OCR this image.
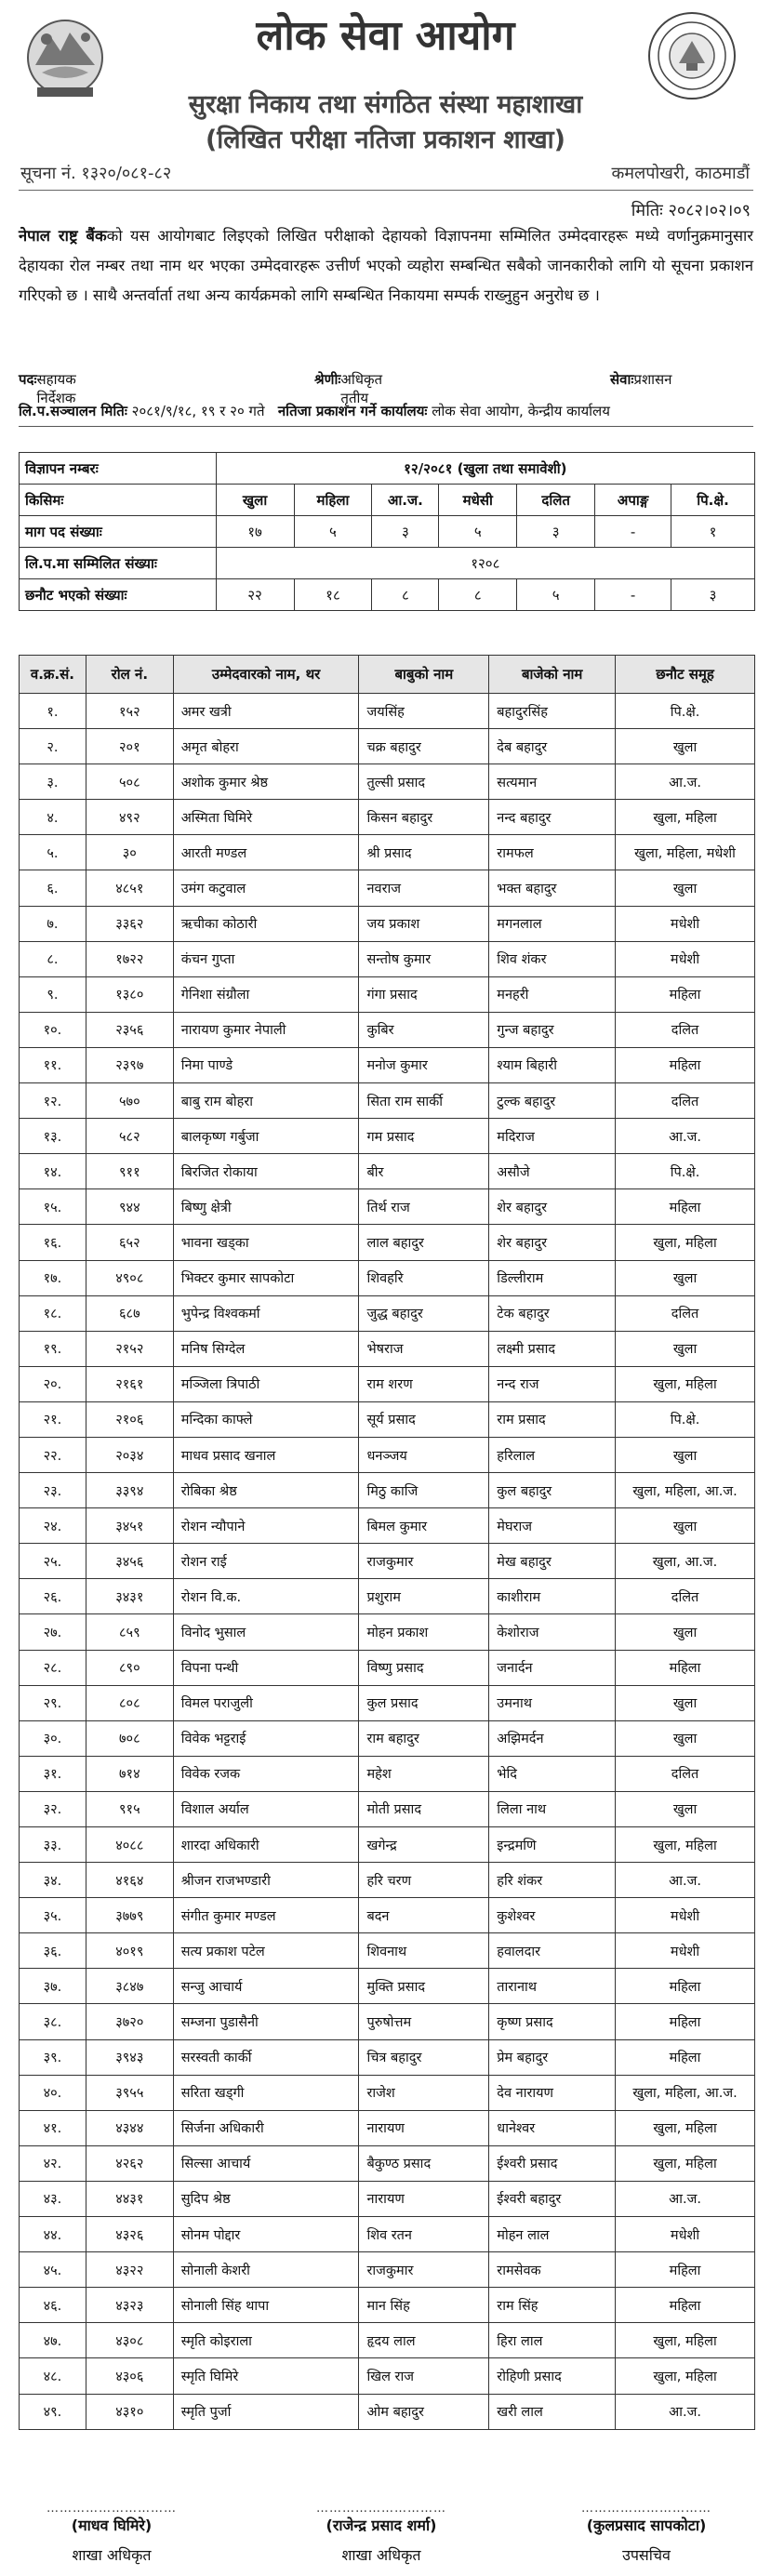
लोक सेवा आयोग
सुरक्षा निकाय तथा संगठित संस्था महाशाखा
(लिखित परीक्षा नतिजा प्रकाशन शाखा)
सूचना नं. १३२०/०८१-८२	कमलपोखरी, काठमाडौं
मितिः २०८२।०२।०९
नेपाल राष्ट्र बैंकको यस आयोगबाट लिइएको लिखित परीक्षाको देहायको विज्ञापनमा सम्मिलित उम्मेदवारहरू मध्ये वर्णानुक्रमानुसार देहायका रोल नम्बर तथा नाम थर भएका उम्मेदवारहरू उत्तीर्ण भएको व्यहोरा सम्बन्धित सबैको जानकारीको लागि यो सूचना प्रकाशन गरिएको छ । साथै अन्तर्वार्ता तथा अन्य कार्यक्रमको लागि सम्बन्धित निकायमा सम्पर्क राख्नुहुन अनुरोध छ ।
पदः सहायक निर्देशक
श्रेणीः अधिकृत तृतीय
सेवाः प्रशासन
लि.प.सञ्चालन मितिः २०८१/९/१८, १९ र २० गते नतिजा प्रकाशन गर्ने कार्यालयः लोक सेवा आयोग, केन्द्रीय कार्यालय
विज्ञापन नम्बरः	१२/२०८१ (खुला तथा समावेशी)						
किसिमः	खुला	महिला	आ.ज.	मधेसी	दलित	अपाङ्ग	पि.क्षे.
माग पद संख्याः	१७	५	३	५	३	-	१
लि.प.मा सम्मिलित संख्याः	१२०८						
छनौट भएको संख्याः	२२	१८	८	८	५	-	३
व.क्र.सं.	रोल नं.	उम्मेदवारको नाम, थर	बाबुको नाम	बाजेको नाम	छनौट समूह
१.	१५२	अमर खत्री	जयसिंह	बहादुरसिंह	पि.क्षे.
२.	२०१	अमृत बोहरा	चक्र बहादुर	देब बहादुर	खुला
३.	५०८	अशोक कुमार श्रेष्ठ	तुल्सी प्रसाद	सत्यमान	आ.ज.
४.	४९२	अस्मिता घिमिरे	किसन बहादुर	नन्द बहादुर	खुला, महिला
५.	३०	आरती मण्डल	श्री प्रसाद	रामफल	खुला, महिला, मधेशी
६.	४८५१	उमंग कटुवाल	नवराज	भक्त बहादुर	खुला
७.	३३६२	ऋचीका कोठारी	जय प्रकाश	मगनलाल	मधेशी
८.	१७२२	कंचन गुप्ता	सन्तोष कुमार	शिव शंकर	मधेशी
९.	१३८०	गेनिशा संग्रौला	गंगा प्रसाद	मनहरी	महिला
१०.	२३५६	नारायण कुमार नेपाली	कुबिर	गुन्ज बहादुर	दलित
११.	२३९७	निमा पाण्डे	मनोज कुमार	श्याम बिहारी	महिला
१२.	५७०	बाबु राम बोहरा	सिता राम सार्की	टुल्क बहादुर	दलित
१३.	५८२	बालकृष्ण गर्बुजा	गम प्रसाद	मदिराज	आ.ज.
१४.	९११	बिरजित रोकाया	बीर	असौजे	पि.क्षे.
१५.	९४४	बिष्णु क्षेत्री	तिर्थ राज	शेर बहादुर	महिला
१६.	६५२	भावना खड्का	लाल बहादुर	शेर बहादुर	खुला, महिला
१७.	४९०८	भिक्टर कुमार सापकोटा	शिवहरि	डिल्लीराम	खुला
१८.	६८७	भुपेन्द्र विश्वकर्मा	जुद्ध बहादुर	टेक बहादुर	दलित
१९.	२१५२	मनिष सिग्देल	भेषराज	लक्ष्मी प्रसाद	खुला
२०.	२१६१	मञ्जिला त्रिपाठी	राम शरण	नन्द राज	खुला, महिला
२१.	२१०६	मन्दिका काफ्ले	सूर्य प्रसाद	राम प्रसाद	पि.क्षे.
२२.	२०३४	माधव प्रसाद खनाल	धनञ्जय	हरिलाल	खुला
२३.	३३९४	रोबिका श्रेष्ठ	मिठु काजि	कुल बहादुर	खुला, महिला, आ.ज.
२४.	३४५१	रोशन न्यौपाने	बिमल कुमार	मेघराज	खुला
२५.	३४५६	रोशन राई	राजकुमार	मेख बहादुर	खुला, आ.ज.
२६.	३४३१	रोशन वि.क.	प्रशुराम	काशीराम	दलित
२७.	८५९	विनोद भुसाल	मोहन प्रकाश	केशोराज	खुला
२८.	८९०	विपना पन्थी	विष्णु प्रसाद	जनार्दन	महिला
२९.	८०८	विमल पराजुली	कुल प्रसाद	उमनाथ	खुला
३०.	७०८	विवेक भट्टराई	राम बहादुर	अझिमर्दन	खुला
३१.	७१४	विवेक रजक	महेश	भेदि	दलित
३२.	९१५	विशाल अर्याल	मोती प्रसाद	लिला नाथ	खुला
३३.	४०८८	शारदा अधिकारी	खगेन्द्र	इन्द्रमणि	खुला, महिला
३४.	४१६४	श्रीजन राजभण्डारी	हरि चरण	हरि शंकर	आ.ज.
३५.	३७७९	संगीत कुमार मण्डल	बदन	कुशेश्वर	मधेशी
३६.	४०१९	सत्य प्रकाश पटेल	शिवनाथ	हवालदार	मधेशी
३७.	३८४७	सन्जु आचार्य	मुक्ति प्रसाद	तारानाथ	महिला
३८.	३७२०	सम्जना पुडासैनी	पुरुषोत्तम	कृष्ण प्रसाद	महिला
३९.	३९४३	सरस्वती कार्की	चित्र बहादुर	प्रेम बहादुर	महिला
४०.	३९५५	सरिता खड्गी	राजेश	देव नारायण	खुला, महिला, आ.ज.
४१.	४३४४	सिर्जना अधिकारी	नारायण	धानेश्वर	खुला, महिला
४२.	४२६२	सिल्सा आचार्य	बैकुण्ठ प्रसाद	ईश्वरी प्रसाद	खुला, महिला
४३.	४४३१	सुदिप श्रेष्ठ	नारायण	ईश्वरी बहादुर	आ.ज.
४४.	४३२६	सोनम पोद्दार	शिव रतन	मोहन लाल	मधेशी
४५.	४३२२	सोनाली केशरी	राजकुमार	रामसेवक	महिला
४६.	४३२३	सोनाली सिंह थापा	मान सिंह	राम सिंह	महिला
४७.	४३०८	स्मृति कोइराला	हृदय लाल	हिरा लाल	खुला, महिला
४८.	४३०६	स्मृति घिमिरे	खिल राज	रोहिणी प्रसाद	खुला, महिला
४९.	४३१०	स्मृति पुर्जा	ओम बहादुर	खरी लाल	आ.ज.
…………………………
(माधव घिमिरे)
शाखा अधिकृत
…………………………
(राजेन्द्र प्रसाद शर्मा)
शाखा अधिकृत
…………………………
(कुलप्रसाद सापकोटा)
उपसचिव
